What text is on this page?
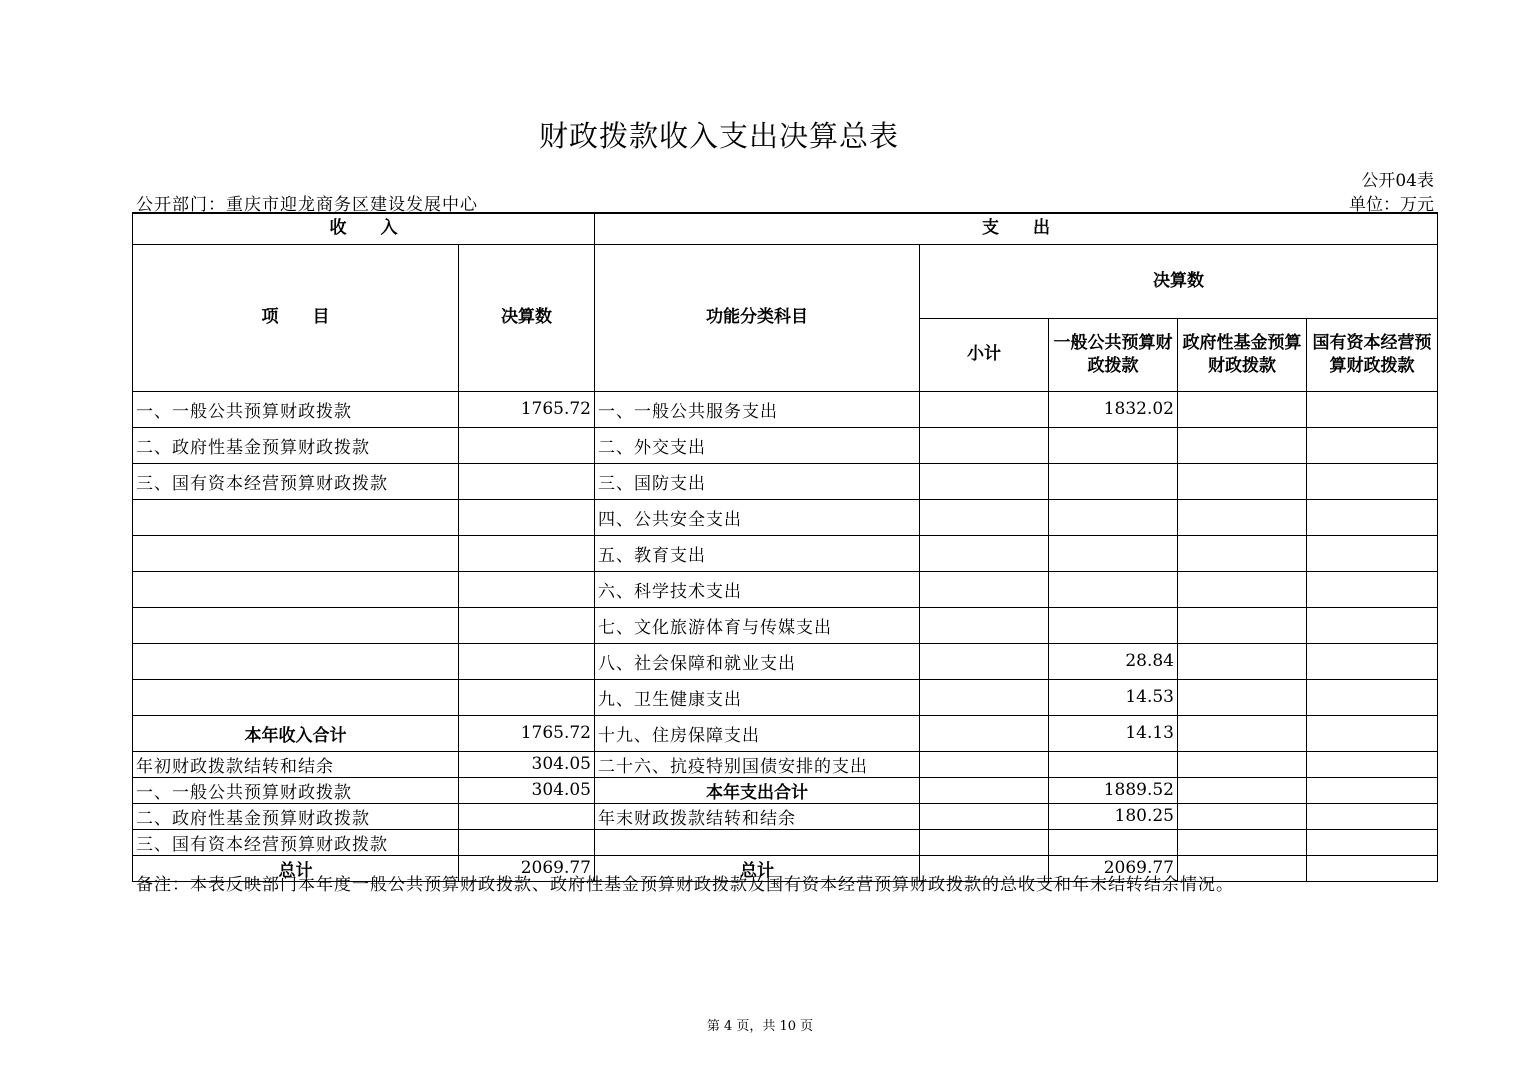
财政拨款收入支出决算总表
公开04表
公开部门：重庆市迎龙商务区建设发展中心	单位：万元
收　　入		支　　出				
项　　目	决算数	功能分类科目	决算数			
			小计	一般公共预算财政拨款	政府性基金预算财政拨款	国有资本经营预算财政拨款
一、一般公共预算财政拨款	1765.72	一、一般公共服务支出		1832.02		
二、政府性基金预算财政拨款		二、外交支出				
三、国有资本经营预算财政拨款		三、国防支出				
		四、公共安全支出				
		五、教育支出				
		六、科学技术支出				
		七、文化旅游体育与传媒支出				
		八、社会保障和就业支出		28.84		
		九、卫生健康支出		14.53		
本年收入合计	1765.72	十九、住房保障支出		14.13		
年初财政拨款结转和结余	304.05	二十六、抗疫特别国债安排的支出				
一、一般公共预算财政拨款	304.05	本年支出合计		1889.52		
二、政府性基金预算财政拨款		年末财政拨款结转和结余		180.25		
三、国有资本经营预算财政拨款						
总计	2069.77	总计		2069.77		
备注：本表反映部门本年度一般公共预算财政拨款、政府性基金预算财政拨款及国有资本经营预算财政拨款的总收支和年末结转结余情况。
第 4 页，共 10 页
